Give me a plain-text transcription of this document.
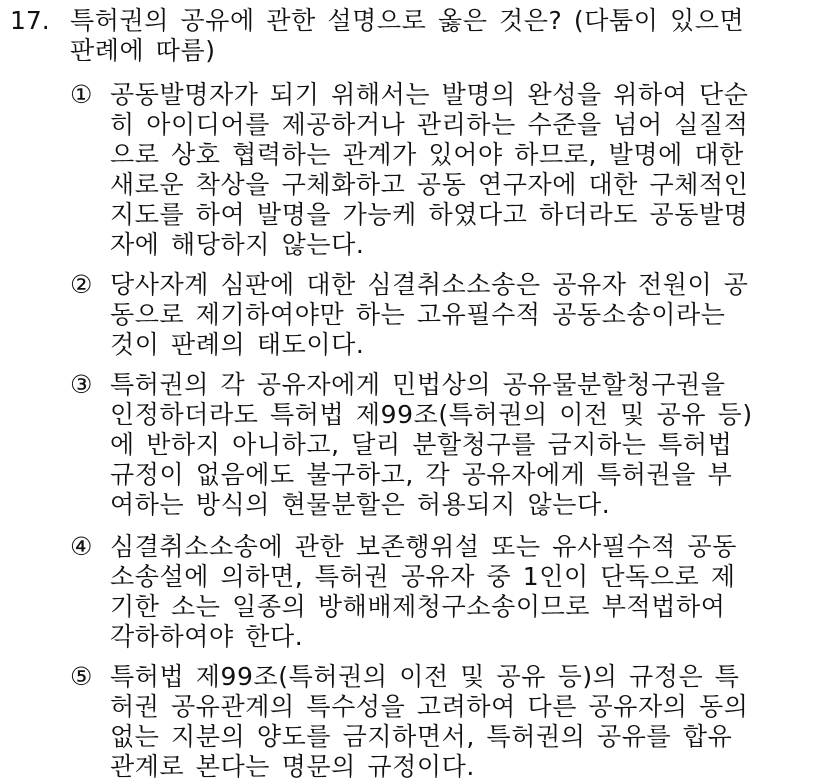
17. 특허권의 공유에 관한 설명으로 옳은 것은? (다툼이 있으면
판례에 따름)
① 공동발명자가 되기 위해서는 발명의 완성을 위하여 단순
히 아이디어를 제공하거나 관리하는 수준을 넘어 실질적
으로 상호 협력하는 관계가 있어야 하므로, 발명에 대한
새로운 착상을 구체화하고 공동 연구자에 대한 구체적인
지도를 하여 발명을 가능케 하였다고 하더라도 공동발명
자에 해당하지 않는다.
② 당사자계 심판에 대한 심결취소소송은 공유자 전원이 공
동으로 제기하여야만 하는 고유필수적 공동소송이라는
것이 판례의 태도이다.
③ 특허권의 각 공유자에게 민법상의 공유물분할청구권을
인정하더라도 특허법 제99조(특허권의 이전 및 공유 등)
에 반하지 아니하고, 달리 분할청구를 금지하는 특허법
규정이 없음에도 불구하고, 각 공유자에게 특허권을 부
여하는 방식의 현물분할은 허용되지 않는다.
④ 심결취소소송에 관한 보존행위설 또는 유사필수적 공동
소송설에 의하면, 특허권 공유자 중 1인이 단독으로 제
기한 소는 일종의 방해배제청구소송이므로 부적법하여
각하하여야 한다.
⑤ 특허법 제99조(특허권의 이전 및 공유 등)의 규정은 특
허권 공유관계의 특수성을 고려하여 다른 공유자의 동의
없는 지분의 양도를 금지하면서, 특허권의 공유를 합유
관계로 본다는 명문의 규정이다.
